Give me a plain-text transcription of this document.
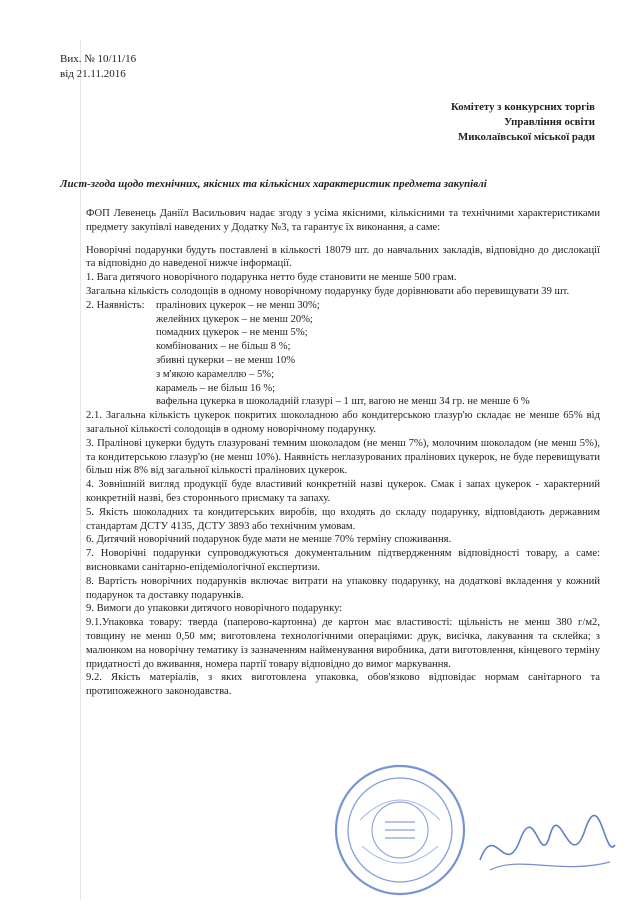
Вих. № 10/11/16
від 21.11.2016
Комітету з конкурсних торгів
Управління освіти
Миколаївської міської ради
Лист-згода щодо технічних, якісних та кількісних характеристик предмета закупівлі

ФОП Левенець Даніїл Васильович надає згоду з усіма якісними, кількісними та технічними характеристиками предмету закупівлі наведених у Додатку №3, та гарантує їх виконання, а саме:

Новорічні подарунки будуть поставлені в кількості 18079 шт. до навчальних закладів, відповідно до дислокації та відповідно до наведеної нижче інформації.

1. Вага дитячого новорічного подарунка нетто буде становити не менше 500 грам.

Загальна кількість солодощів в одному новорічному подарунку буде дорівнювати або перевищувати 39 шт.

2. Наявність:	пралінових цукерок – не менш 30%;
желейних цукерок – не менш 20%;
помадних цукерок – не менш 5%;
комбінованих – не більш 8 %;
збивні цукерки – не менш 10%
з м'якою карамеллю – 5%;
карамель – не більш 16 %;
вафельна цукерка в шоколадній глазурі – 1 шт, вагою не менш 34 гр. не менше 6 %

2.1. Загальна кількість цукерок покритих шоколадною або кондитерською глазур'ю складає не менше 65% від загальної кількості солодощів в одному новорічному подарунку.

3. Пралінові цукерки будуть глазуровані темним шоколадом (не менш 7%), молочним шоколадом (не менш 5%), та кондитерською глазур'ю (не менш 10%). Наявність неглазурованих пралінових цукерок, не буде перевищувати більш ніж 8% від загальної кількості пралінових цукерок.

4. Зовнішній вигляд продукції буде властивий конкретній назві цукерок. Смак і запах цукерок - характерний конкретній назві, без стороннього присмаку та запаху.

5. Якість шоколадних та кондитерських виробів, що входять до складу подарунку, відповідають державним стандартам ДСТУ 4135, ДСТУ 3893 або технічним умовам.

6. Дитячий новорічний подарунок буде мати не менше 70% терміну споживання.

7. Новорічні подарунки супроводжуються документальним підтвердженням відповідності товару, а саме: висновками санітарно-епідеміологічної експертизи.

8. Вартість новорічних подарунків включає витрати на упаковку подарунку, на додаткові вкладення у кожний подарунок та доставку подарунків.

9. Вимоги до упаковки дитячого новорічного подарунку:

9.1.Упаковка товару: тверда (паперово-картонна) де картон має властивості: щільність не менш 380 г/м2, товщину не менш 0,50 мм; виготовлена технологічними операціями: друк, висічка, лакування та склейка; з малюнком на новорічну тематику із зазначенням найменування виробника, дати виготовлення, кінцевого терміну придатності до вживання, номера партії товару відповідно до вимог маркування.

9.2. Якість матеріалів, з яких виготовлена упаковка, обов'язково відповідає нормам санітарного та протипожежного законодавства.
